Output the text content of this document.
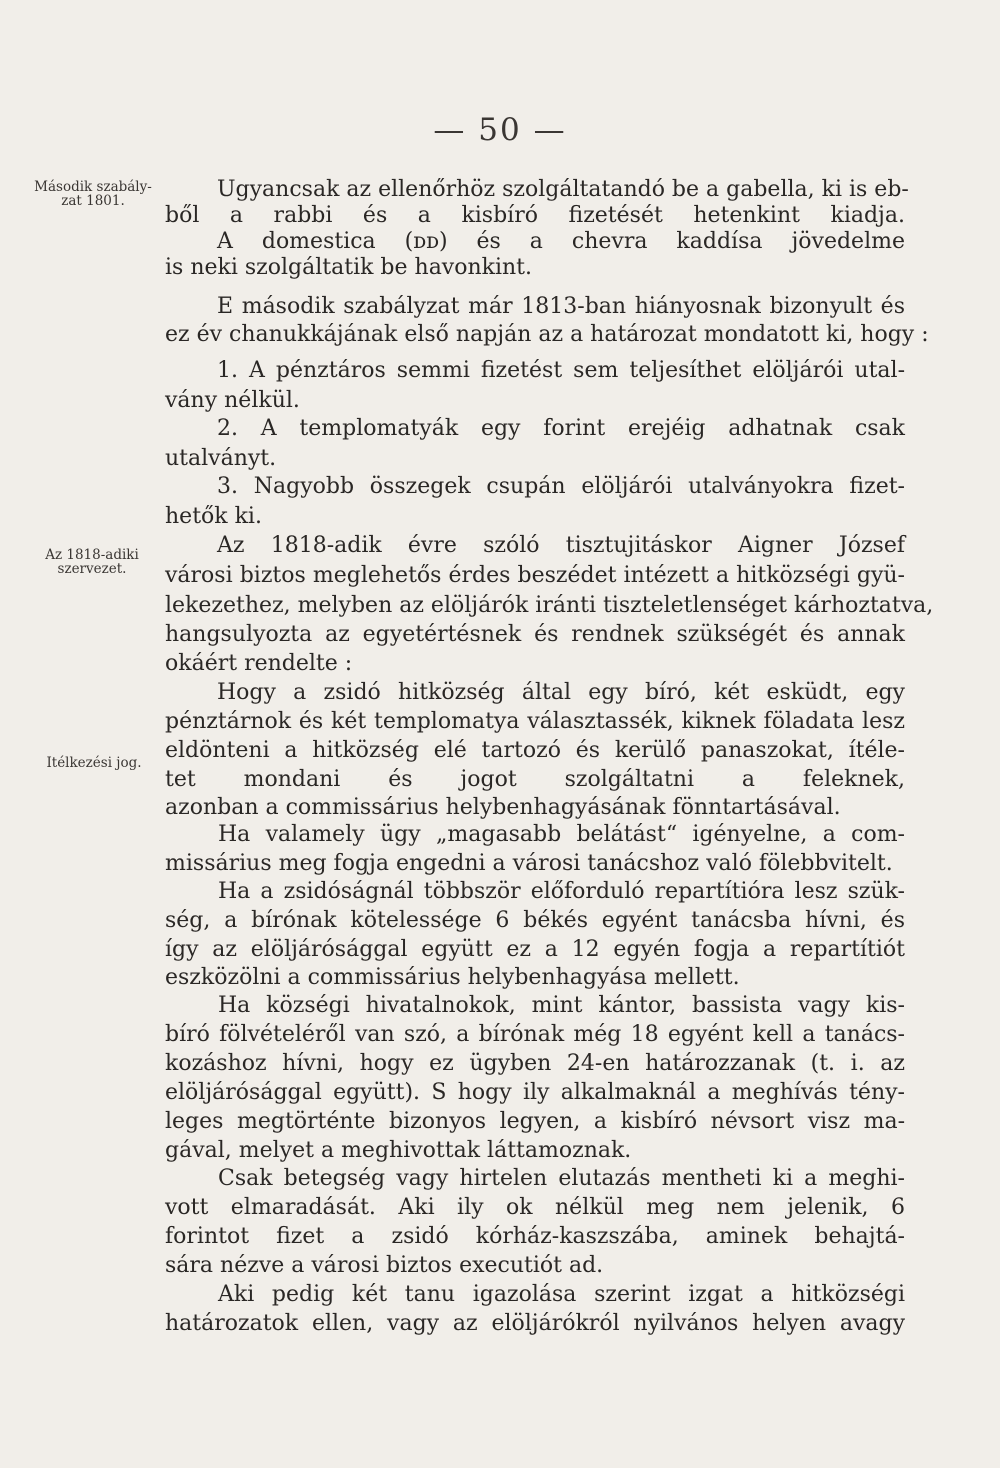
— 50 —
Második szabály- zat 1801.
Az 1818-adiki szervezet.
Itélkezési jog.
Ugyancsak az ellenőrhöz szolgáltatandó be a gabella, ki is eb-
ből a rabbi és a kisbíró fizetését hetenkint kiadja.
A domestica (ᴅᴅ) és a chevra kaddísa jövedelme
is neki szolgáltatik be havonkint.
E második szabályzat már 1813-ban hiányosnak bizonyult és
ez év chanukkájának első napján az a határozat mondatott ki, hogy :
1. A pénztáros semmi fizetést sem teljesíthet elöljárói utal-
vány nélkül.
2. A templomatyák egy forint erejéig adhatnak csak
utalványt.
3. Nagyobb összegek csupán elöljárói utalványokra fizet-
hetők ki.
Az 1818-adik évre szóló tisztujitáskor Aigner József
városi biztos meglehetős érdes beszédet intézett a hitközségi gyü-
lekezethez, melyben az elöljárók iránti tiszteletlenséget kárhoztatva,
hangsulyozta az egyetértésnek és rendnek szükségét és annak
okáért rendelte :
Hogy a zsidó hitközség által egy bíró, két esküdt, egy
pénztárnok és két templomatya választassék, kiknek föladata lesz
eldönteni a hitközség elé tartozó és kerülő panaszokat, ítéle-
tet mondani és jogot szolgáltatni a feleknek,
azonban a commissárius helybenhagyásának fönntartásával.
Ha valamely ügy „magasabb belátást“ igényelne, a com-
missárius meg fogja engedni a városi tanácshoz való fölebbvitelt.
Ha a zsidóságnál többször előforduló repartítióra lesz szük-
ség, a bírónak kötelessége 6 békés egyént tanácsba hívni, és
így az elöljárósággal együtt ez a 12 egyén fogja a repartítiót
eszközölni a commissárius helybenhagyása mellett.
Ha községi hivatalnokok, mint kántor, bassista vagy kis-
bíró fölvételéről van szó, a bírónak még 18 egyént kell a tanács-
kozáshoz hívni, hogy ez ügyben 24-en határozzanak (t. i. az
elöljárósággal együtt). S hogy ily alkalmaknál a meghívás tény-
leges megtörténte bizonyos legyen, a kisbíró névsort visz ma-
gával, melyet a meghivottak láttamoznak.
Csak betegség vagy hirtelen elutazás mentheti ki a meghi-
vott elmaradását. Aki ily ok nélkül meg nem jelenik, 6
forintot fizet a zsidó kórház-kaszszába, aminek behajtá-
sára nézve a városi biztos executiót ad.
Aki pedig két tanu igazolása szerint izgat a hitközségi
határozatok ellen, vagy az elöljárókról nyilvános helyen avagy
